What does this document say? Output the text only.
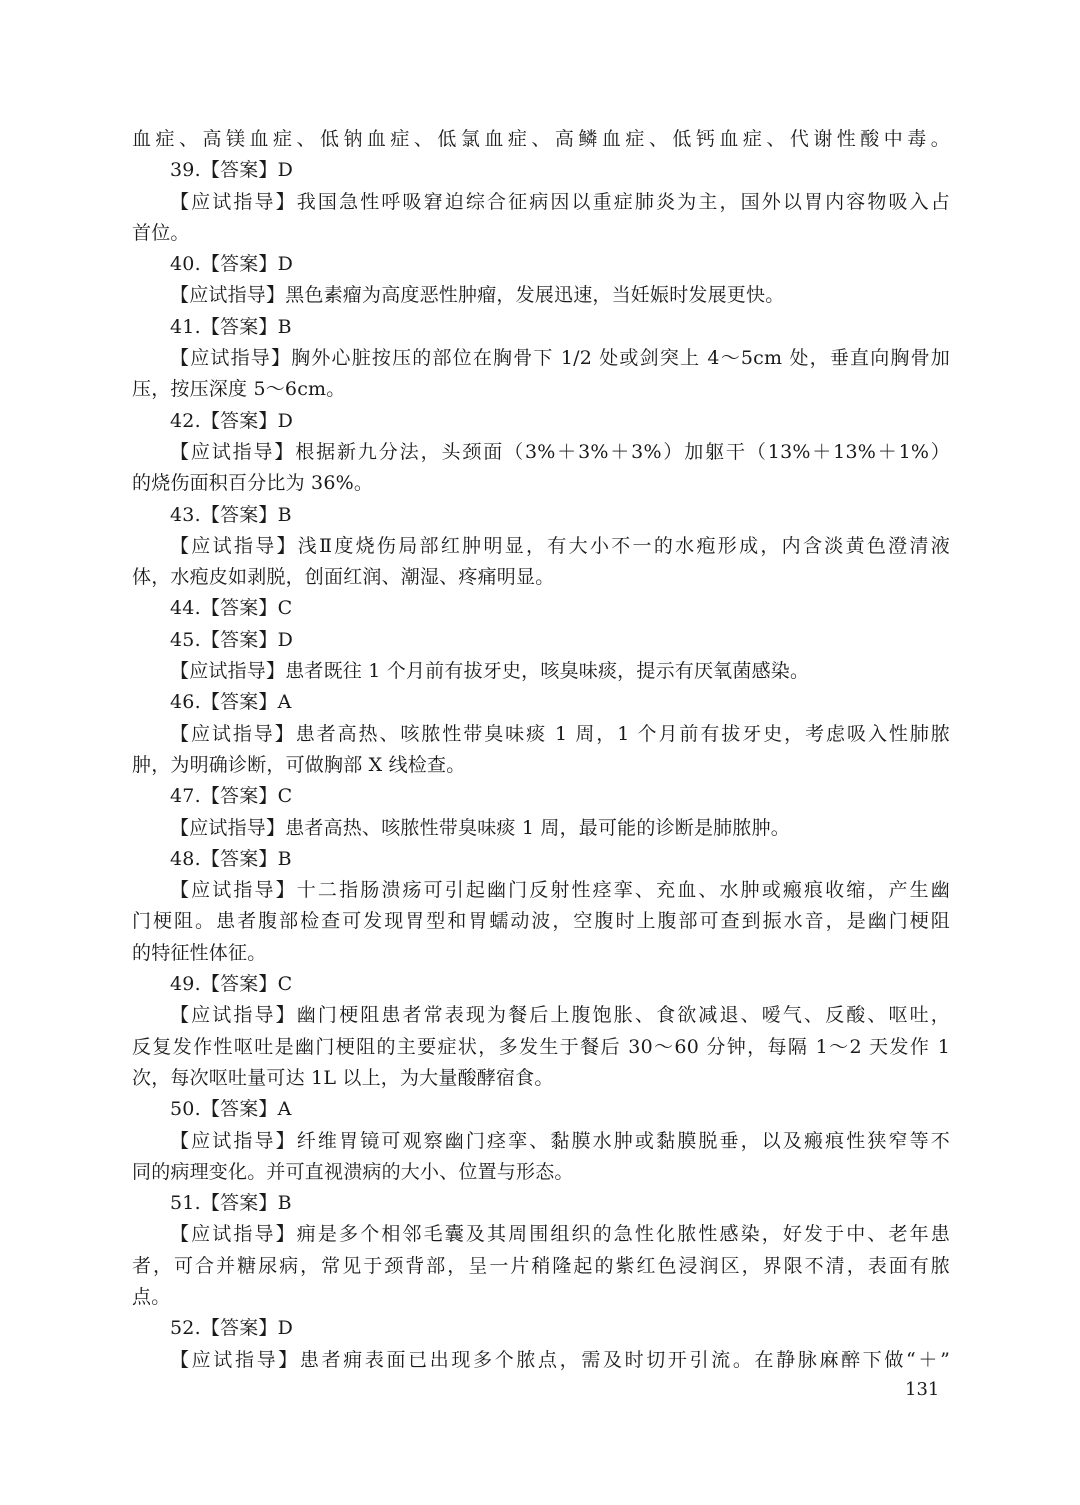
血症、高镁血症、低钠血症、低氯血症、高鳞血症、低钙血症、代谢性酸中毒。
39.【答案】D
【应试指导】我国急性呼吸窘迫综合征病因以重症肺炎为主，国外以胃内容物吸入占
首位。
40.【答案】D
【应试指导】黑色素瘤为高度恶性肿瘤，发展迅速，当妊娠时发展更快。
41.【答案】B
【应试指导】胸外心脏按压的部位在胸骨下 1/2 处或剑突上 4～5cm 处，垂直向胸骨加
压，按压深度 5～6cm。
42.【答案】D
【应试指导】根据新九分法，头颈面（3%＋3%＋3%）加躯干（13%＋13%＋1%）
的烧伤面积百分比为 36%。
43.【答案】B
【应试指导】浅Ⅱ度烧伤局部红肿明显，有大小不一的水疱形成，内含淡黄色澄清液
体，水疱皮如剥脱，创面红润、潮湿、疼痛明显。
44.【答案】C
45.【答案】D
【应试指导】患者既往 1 个月前有拔牙史，咳臭味痰，提示有厌氧菌感染。
46.【答案】A
【应试指导】患者高热、咳脓性带臭味痰 1 周，1 个月前有拔牙史，考虑吸入性肺脓
肿，为明确诊断，可做胸部 X 线检查。
47.【答案】C
【应试指导】患者高热、咳脓性带臭味痰 1 周，最可能的诊断是肺脓肿。
48.【答案】B
【应试指导】十二指肠溃疡可引起幽门反射性痉挛、充血、水肿或瘢痕收缩，产生幽
门梗阻。患者腹部检查可发现胃型和胃蠕动波，空腹时上腹部可查到振水音，是幽门梗阻
的特征性体征。
49.【答案】C
【应试指导】幽门梗阻患者常表现为餐后上腹饱胀、食欲减退、嗳气、反酸、呕吐，
反复发作性呕吐是幽门梗阻的主要症状，多发生于餐后 30～60 分钟，每隔 1～2 天发作 1
次，每次呕吐量可达 1L 以上，为大量酸酵宿食。
50.【答案】A
【应试指导】纤维胃镜可观察幽门痉挛、黏膜水肿或黏膜脱垂，以及瘢痕性狭窄等不
同的病理变化。并可直视溃病的大小、位置与形态。
51.【答案】B
【应试指导】痈是多个相邻毛囊及其周围组织的急性化脓性感染，好发于中、老年患
者，可合并糖尿病，常见于颈背部，呈一片稍隆起的紫红色浸润区，界限不清，表面有脓
点。
52.【答案】D
【应试指导】患者痈表面已出现多个脓点，需及时切开引流。在静脉麻醉下做“＋”
131
